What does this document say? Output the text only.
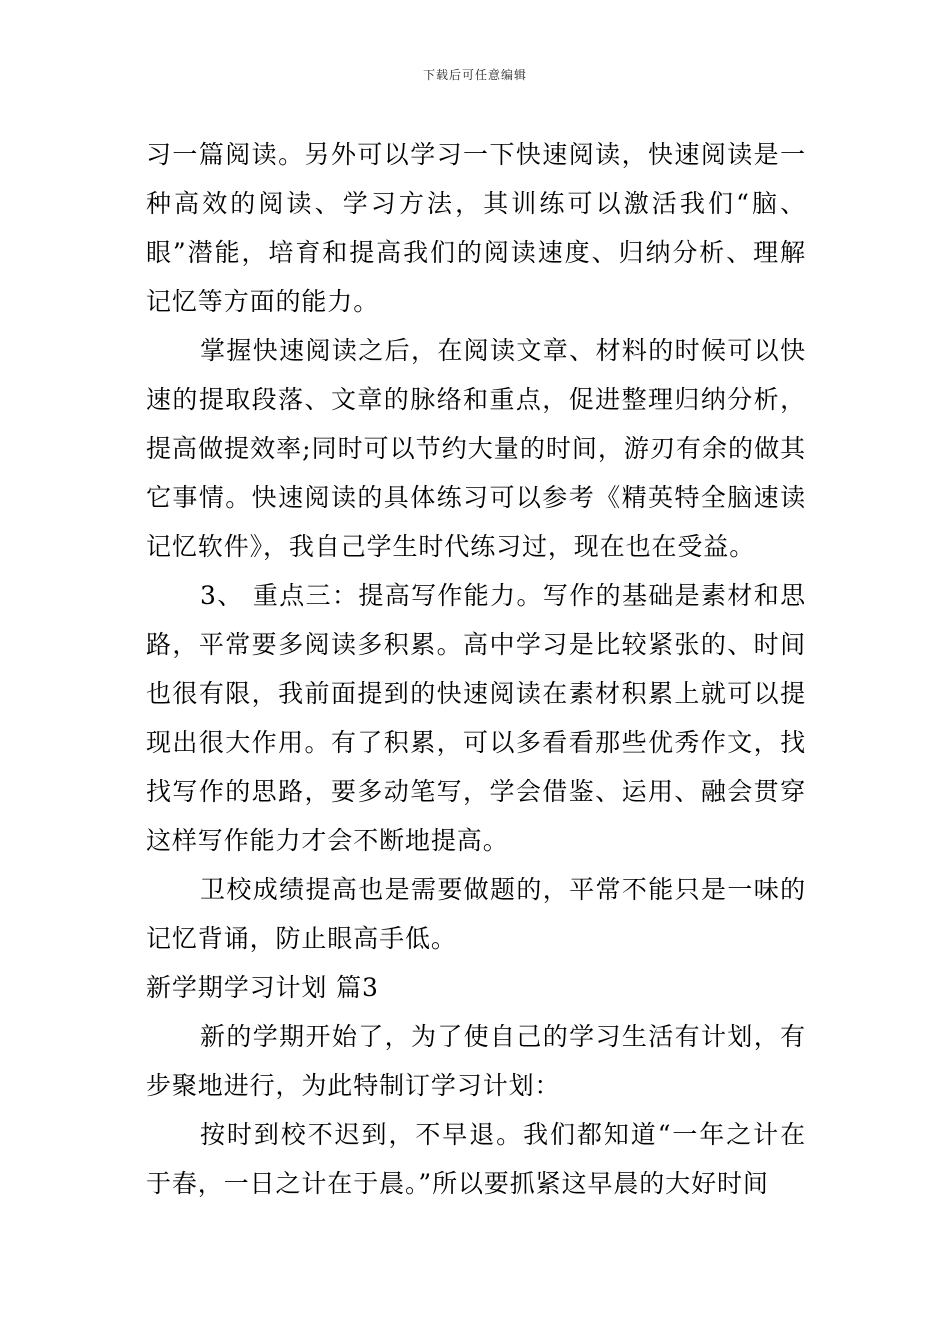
下载后可任意编辑

习一篇阅读。另外可以学习一下快速阅读，快速阅读是一种高效的阅读、学习方法，其训练可以激活我们“脑、眼”潜能，培育和提高我们的阅读速度、归纳分析、理解记忆等方面的能力。

掌握快速阅读之后，在阅读文章、材料的时候可以快速的提取段落、文章的脉络和重点，促进整理归纳分析，提高做提效率;同时可以节约大量的时间，游刃有余的做其它事情。快速阅读的具体练习可以参考《精英特全脑速读记忆软件》，我自己学生时代练习过，现在也在受益。

3、 重点三：提高写作能力。写作的基础是素材和思路，平常要多阅读多积累。高中学习是比较紧张的、时间也很有限，我前面提到的快速阅读在素材积累上就可以提现出很大作用。有了积累，可以多看看那些优秀作文，找找写作的思路，要多动笔写，学会借鉴、运用、融会贯穿这样写作能力才会不断地提高。

卫校成绩提高也是需要做题的，平常不能只是一味的记忆背诵，防止眼高手低。

新学期学习计划 篇3

新的学期开始了，为了使自己的学习生活有计划，有步聚地进行，为此特制订学习计划：

按时到校不迟到，不早退。我们都知道“一年之计在于春，一日之计在于晨。”所以要抓紧这早晨的大好时间
